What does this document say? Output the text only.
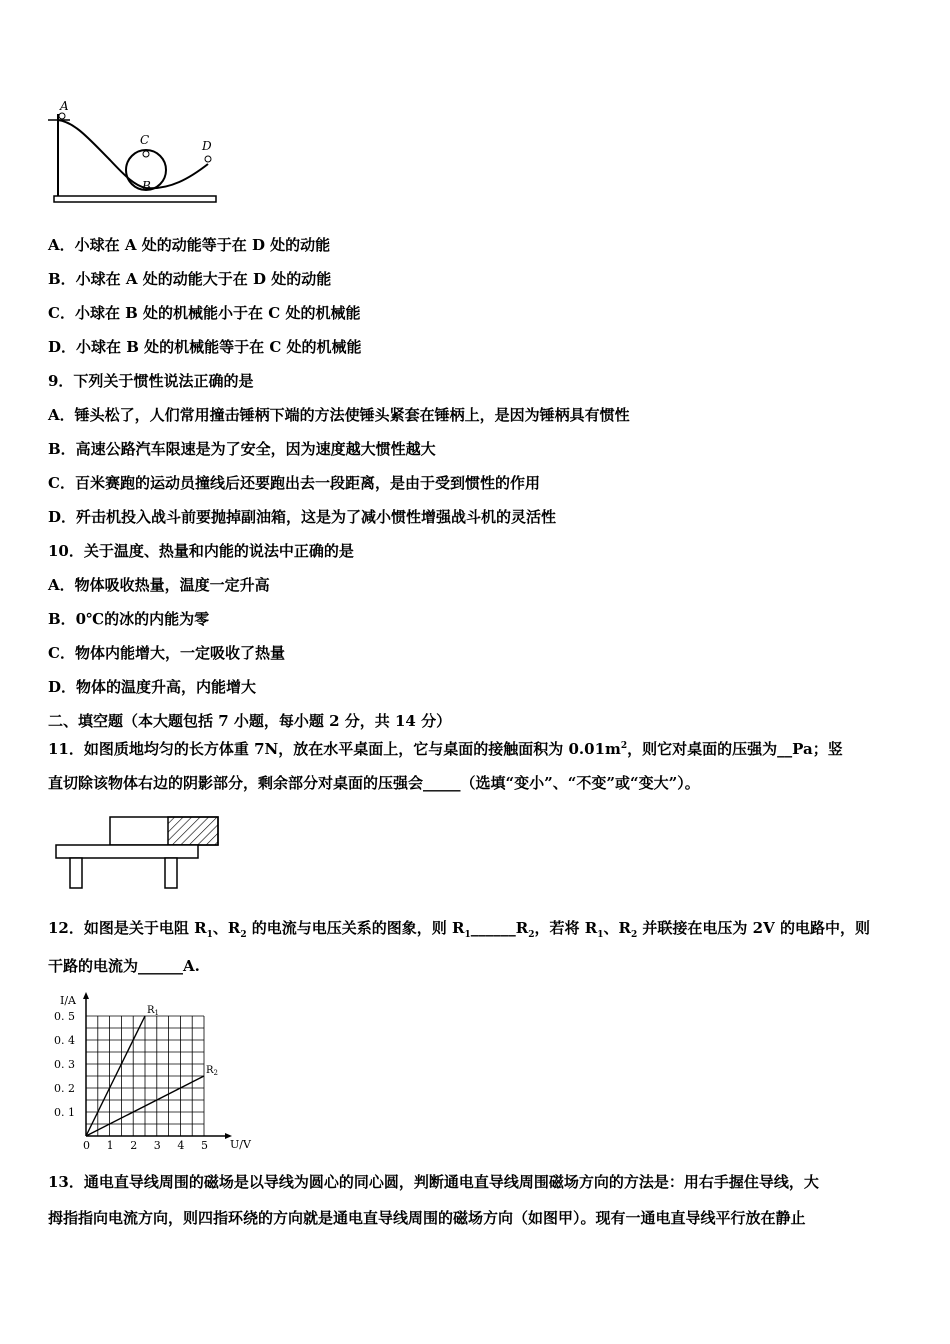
A
C
B
D
A．小球在 A 处的动能等于在 D 处的动能
B．小球在 A 处的动能大于在 D 处的动能
C．小球在 B 处的机械能小于在 C 处的机械能
D．小球在 B 处的机械能等于在 C 处的机械能
9．下列关于惯性说法正确的是
A．锤头松了，人们常用撞击锤柄下端的方法使锤头紧套在锤柄上，是因为锤柄具有惯性
B．高速公路汽车限速是为了安全，因为速度越大惯性越大
C．百米赛跑的运动员撞线后还要跑出去一段距离，是由于受到惯性的作用
D．歼击机投入战斗前要抛掉副油箱，这是为了减小惯性增强战斗机的灵活性
10．关于温度、热量和内能的说法中正确的是
A．物体吸收热量，温度一定升高
B．0℃的冰的内能为零
C．物体内能增大，一定吸收了热量
D．物体的温度升高，内能增大
二、填空题（本大题包括 7 小题，每小题 2 分，共 14 分）
11．如图质地均匀的长方体重 7N，放在水平桌面上，它与桌面的接触面积为 $0.01m^2$，则它对桌面的压强为__Pa；竖
直切除该物体右边的阴影部分，剩余部分对桌面的压强会_____（选填“变小”、“不变”或“变大”）。
12．如图是关于电阻 $R_1$、$R_2$ 的电流与电压关系的图象，则 $R_1\_\_\_\_\_\_R_2$，若将 $R_1$、$R_2$ 并联接在电压为 2V 的电路中，则
干路的电流为______A.
0 1 2 3 4 5
0. 1
0. 2
0. 3
0. 4
0. 5	$R_1$
$R_2$
I/A
U/V
13．通电直导线周围的磁场是以导线为圆心的同心圆，判断通电直导线周围磁场方向的方法是：用右手握住导线，大
拇指指向电流方向，则四指环绕的方向就是通电直导线周围的磁场方向（如图甲）。现有一通电直导线平行放在静止
